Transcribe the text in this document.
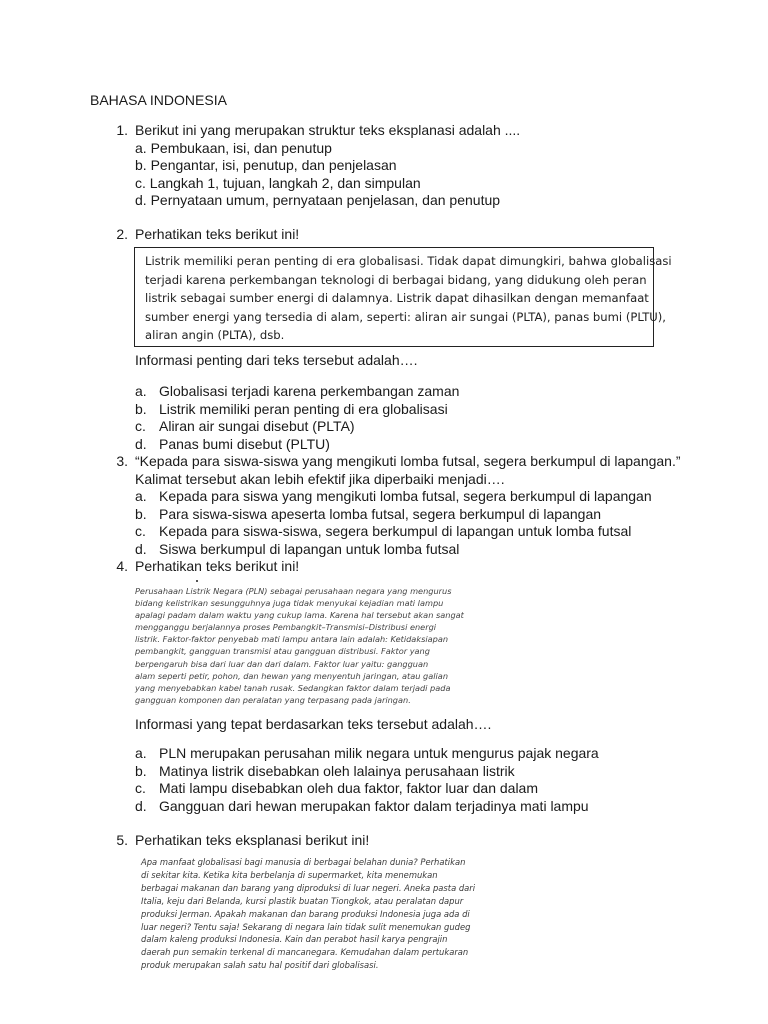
BAHASA INDONESIA
1. Berikut ini yang merupakan struktur teks eksplanasi adalah ....
a. Pembukaan, isi, dan penutup
b. Pengantar, isi, penutup, dan penjelasan
c. Langkah 1, tujuan, langkah 2, dan simpulan
d. Pernyataan umum, pernyataan penjelasan, dan penutup
2. Perhatikan teks berikut ini!
Listrik memiliki peran penting di era globalisasi. Tidak dapat dimungkiri, bahwa globalisasi
terjadi karena perkembangan teknologi di berbagai bidang, yang didukung oleh peran
listrik sebagai sumber energi di dalamnya. Listrik dapat dihasilkan dengan memanfaat
sumber energi yang tersedia di alam, seperti: aliran air sungai (PLTA), panas bumi (PLTU),
aliran angin (PLTA), dsb.
Informasi penting dari teks tersebut adalah….
a. Globalisasi terjadi karena perkembangan zaman
b. Listrik memiliki peran penting di era globalisasi
c. Aliran air sungai disebut (PLTA)
d. Panas bumi disebut (PLTU)
3. “Kepada para siswa-siswa yang mengikuti lomba futsal, segera berkumpul di lapangan.”
Kalimat tersebut akan lebih efektif jika diperbaiki menjadi….
a. Kepada para siswa yang mengikuti lomba futsal, segera berkumpul di lapangan
b. Para siswa-siswa apeserta lomba futsal, segera berkumpul di lapangan
c. Kepada para siswa-siswa, segera berkumpul di lapangan untuk lomba futsal
d. Siswa berkumpul di lapangan untuk lomba futsal
4. Perhatikan teks berikut ini!
Perusahaan Listrik Negara (PLN) sebagai perusahaan negara yang mengurus
bidang kelistrikan sesungguhnya juga tidak menyukai kejadian mati lampu
apalagi padam dalam waktu yang cukup lama. Karena hal tersebut akan sangat
mengganggu berjalannya proses Pembangkit–Transmisi–Distribusi energi
listrik. Faktor-faktor penyebab mati lampu antara lain adalah: Ketidaksiapan
pembangkit, gangguan transmisi atau gangguan distribusi. Faktor yang
berpengaruh bisa dari luar dan dari dalam. Faktor luar yaitu: gangguan
alam seperti petir, pohon, dan hewan yang menyentuh jaringan, atau galian
yang menyebabkan kabel tanah rusak. Sedangkan faktor dalam terjadi pada
gangguan komponen dan peralatan yang terpasang pada jaringan.
Informasi yang tepat berdasarkan teks tersebut adalah….
a. PLN merupakan perusahan milik negara untuk mengurus pajak negara
b. Matinya listrik disebabkan oleh lalainya perusahaan listrik
c. Mati lampu disebabkan oleh dua faktor, faktor luar dan dalam
d. Gangguan dari hewan merupakan faktor dalam terjadinya mati lampu
5. Perhatikan teks eksplanasi berikut ini!
Apa manfaat globalisasi bagi manusia di berbagai belahan dunia? Perhatikan
di sekitar kita. Ketika kita berbelanja di supermarket, kita menemukan
berbagai makanan dan barang yang diproduksi di luar negeri. Aneka pasta dari
Italia, keju dari Belanda, kursi plastik buatan Tiongkok, atau peralatan dapur
produksi Jerman. Apakah makanan dan barang produksi Indonesia juga ada di
luar negeri? Tentu saja! Sekarang di negara lain tidak sulit menemukan gudeg
dalam kaleng produksi Indonesia. Kain dan perabot hasil karya pengrajin
daerah pun semakin terkenal di mancanegara. Kemudahan dalam pertukaran
produk merupakan salah satu hal positif dari globalisasi.
